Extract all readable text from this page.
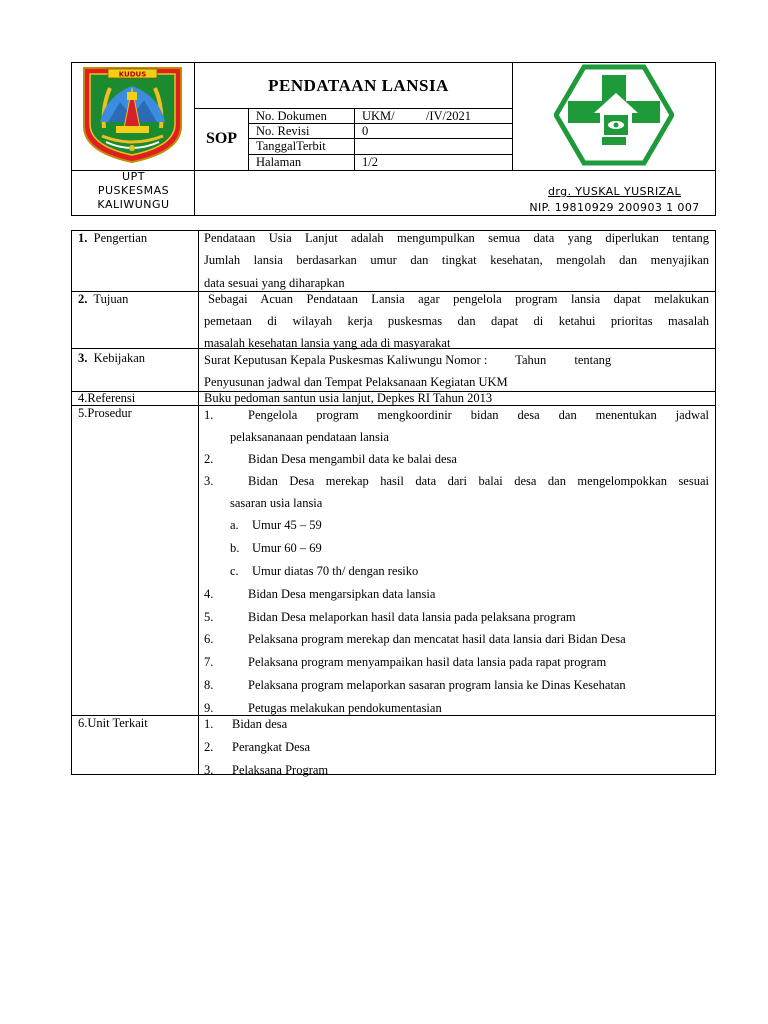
KUDUS
PENDATAAN LANSIA
SOP
No. Dokumen	UKM/          /IV/2021
No. Revisi	0
TanggalTerbit
Halaman	1/2
UPT
PUSKESMAS
KALIWUNGU
drg. YUSKAL YUSRIZAL
NIP. 19810929 200903 1 007
1. Pengertian	Pendataan Usia Lanjut adalah mengumpulkan semua data yang diperlukan tentang
Jumlah lansia berdasarkan umur dan tingkat kesehatan, mengolah dan menyajikan
data sesuai yang diharapkan
2. Tujuan	Sebagai Acuan Pendataan Lansia agar pengelola program lansia dapat melakukan
pemetaan di wilayah kerja puskesmas dan dapat di ketahui prioritas masalah
masalah kesehatan lansia yang ada di masyarakat
3. Kebijakan	Surat Keputusan Kepala Puskesmas Kaliwungu Nomor :         Tahun         tentang
Penyusunan jadwal dan Tempat Pelaksanaan Kegiatan UKM
4.Referensi	Buku pedoman santun usia lanjut, Depkes RI Tahun 2013
5.Prosedur	1.	Pengelola program mengkoordinir bidan desa dan menentukan jadwal
pelaksananaan pendataan lansia
2.	Bidan Desa mengambil data ke balai desa
3.	Bidan Desa merekap hasil data dari balai desa dan mengelompokkan sesuai
sasaran usia lansia
a. Umur 45 – 59
b. Umur 60 – 69
c. Umur diatas 70 th/ dengan resiko
4.	Bidan Desa mengarsipkan data lansia
5.	Bidan Desa melaporkan hasil data lansia pada pelaksana program
6.	Pelaksana program merekap dan mencatat hasil data lansia dari Bidan Desa
7.	Pelaksana program menyampaikan hasil data lansia pada rapat program
8.	Pelaksana program melaporkan sasaran program lansia ke Dinas Kesehatan
9.	Petugas melakukan pendokumentasian
6.Unit Terkait	1.	Bidan desa
2.	Perangkat Desa
3.	Pelaksana Program
